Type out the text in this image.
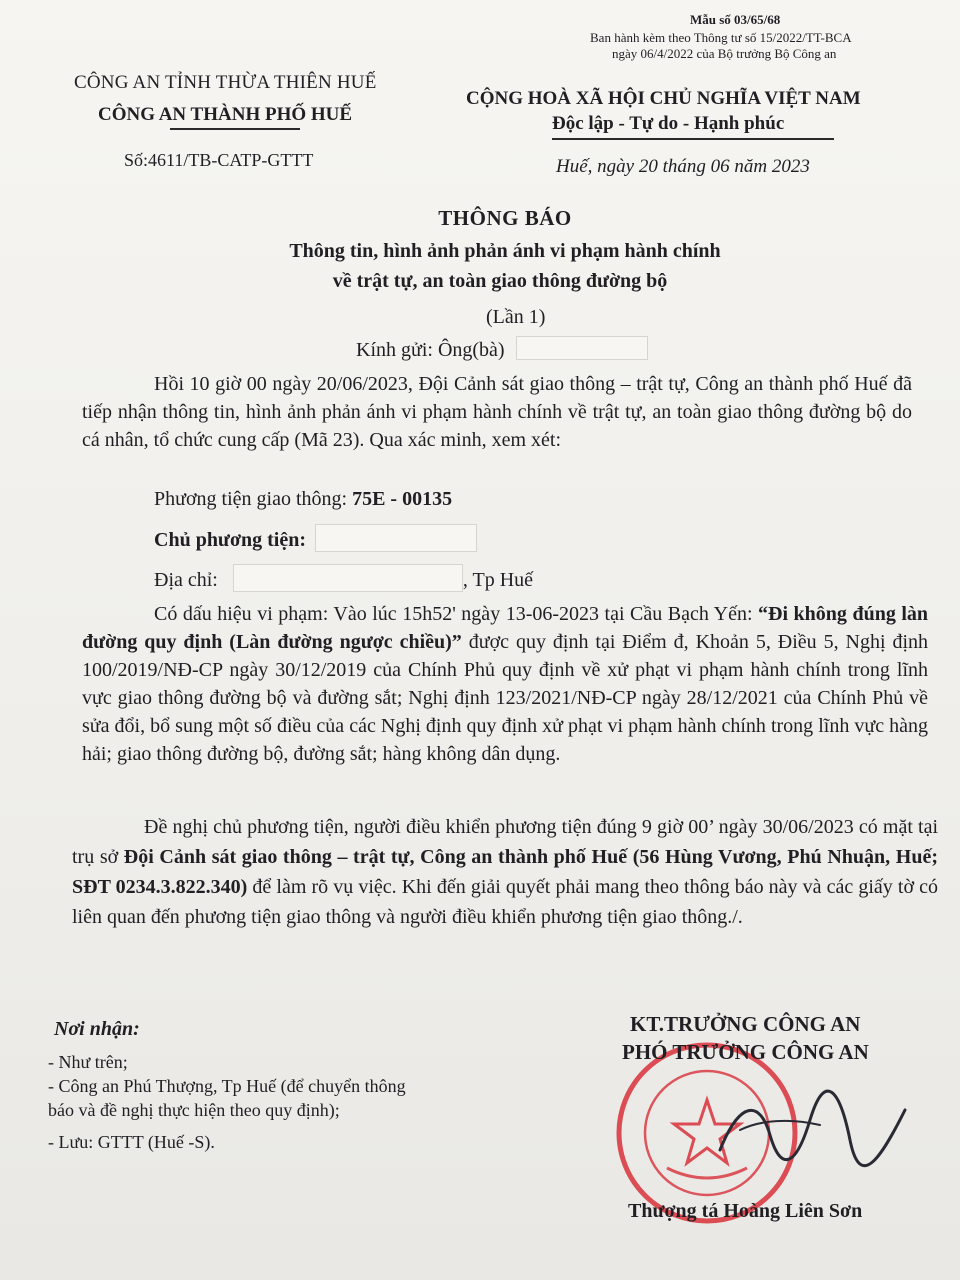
Mẫu số 03/65/68
Ban hành kèm theo Thông tư số 15/2022/TT-BCA
ngày 06/4/2022 của Bộ trưởng Bộ Công an
CÔNG AN TỈNH THỪA THIÊN HUẾ
CÔNG AN THÀNH PHỐ HUẾ
Số:4611/TB-CATP-GTTT
CỘNG HOÀ XÃ HỘI CHỦ NGHĨA VIỆT NAM
Độc lập - Tự do - Hạnh phúc
Huế, ngày 20 tháng 06 năm 2023
THÔNG BÁO
Thông tin, hình ảnh phản ánh vi phạm hành chính
về trật tự, an toàn giao thông đường bộ
(Lần 1)
Kính gửi: Ông(bà)
Hồi 10 giờ 00 ngày 20/06/2023, Đội Cảnh sát giao thông – trật tự, Công an thành phố Huế đã tiếp nhận thông tin, hình ảnh phản ánh vi phạm hành chính về trật tự, an toàn giao thông đường bộ do cá nhân, tổ chức cung cấp (Mã 23). Qua xác minh, xem xét:
Phương tiện giao thông: 75E - 00135
Chủ phương tiện:
Địa chỉ:	, Tp Huế
Có dấu hiệu vi phạm: Vào lúc 15h52' ngày 13-06-2023 tại Cầu Bạch Yến: “Đi không đúng làn đường quy định (Làn đường ngược chiều)” được quy định tại Điểm đ, Khoản 5, Điều 5, Nghị định 100/2019/NĐ-CP ngày 30/12/2019 của Chính Phủ quy định về xử phạt vi phạm hành chính trong lĩnh vực giao thông đường bộ và đường sắt; Nghị định 123/2021/NĐ-CP ngày 28/12/2021 của Chính Phủ về sửa đổi, bổ sung một số điều của các Nghị định quy định xử phạt vi phạm hành chính trong lĩnh vực hàng hải; giao thông đường bộ, đường sắt; hàng không dân dụng.
Đề nghị chủ phương tiện, người điều khiển phương tiện đúng 9 giờ 00’ ngày 30/06/2023 có mặt tại trụ sở Đội Cảnh sát giao thông – trật tự, Công an thành phố Huế (56 Hùng Vương, Phú Nhuận, Huế; SĐT 0234.3.822.340) để làm rõ vụ việc. Khi đến giải quyết phải mang theo thông báo này và các giấy tờ có liên quan đến phương tiện giao thông và người điều khiển phương tiện giao thông./.
Nơi nhận:
- Như trên;
- Công an Phú Thượng, Tp Huế (để chuyển thông
báo và đề nghị thực hiện theo quy định);
- Lưu: GTTT (Huế -S).
KT.TRƯỞNG CÔNG AN
PHÓ TRƯỞNG CÔNG AN
Thượng tá Hoàng Liên Sơn
